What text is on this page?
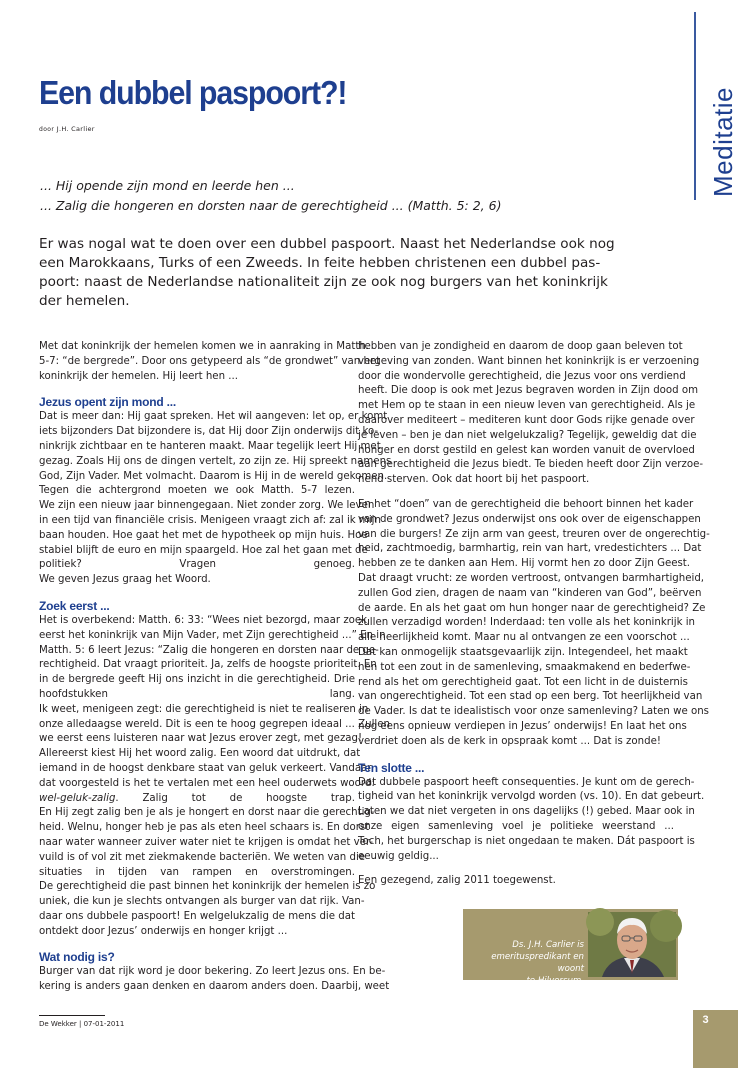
Meditatie
Een dubbel paspoort?!
door J.H. Carlier
... Hij opende zijn mond en leerde hen ...
... Zalig die hongeren en dorsten naar de gerechtigheid ... (Matth. 5: 2, 6)
Er was nogal wat te doen over een dubbel paspoort. Naast het Nederlandse ook nog
een Marokkaans, Turks of een Zweeds. In feite hebben christenen een dubbel pas-
poort: naast de Nederlandse nationaliteit zijn ze ook nog burgers van het koninkrijk
der hemelen.
Met dat koninkrijk der hemelen komen we in aanraking in Matth.
5-7: “de bergrede”. Door ons getypeerd als “de grondwet” van het
koninkrijk der hemelen. Hij leert hen ...
Jezus opent zijn mond ...
Dat is meer dan: Hij gaat spreken. Het wil aangeven: let op, er komt
iets bijzonders Dat bijzondere is, dat Hij door Zijn onderwijs dit ko-
ninkrijk zichtbaar en te hanteren maakt. Maar tegelijk leert Hij met
gezag. Zoals Hij ons de dingen vertelt, zo zijn ze. Hij spreekt namens
God, Zijn Vader. Met volmacht. Daarom is Hij in de wereld gekomen.
Tegen die achtergrond moeten we ook Matth. 5-7 lezen.
We zijn een nieuw jaar binnengegaan. Niet zonder zorg. We leven
in een tijd van financiële crisis. Menigeen vraagt zich af: zal ik mijn
baan houden. Hoe gaat het met de hypotheek op mijn huis. Hoe
stabiel blijft de euro en mijn spaargeld. Hoe zal het gaan met de
politiek? Vragen genoeg.
We geven Jezus graag het Woord.
Zoek eerst ...
Het is overbekend: Matth. 6: 33: “Wees niet bezorgd, maar zoek
eerst het koninkrijk van Mijn Vader, met Zijn gerechtigheid ...” En in
Matth. 5: 6 leert Jezus: “Zalig die hongeren en dorsten naar de ge-
rechtigheid. Dat vraagt prioriteit. Ja, zelfs de hoogste prioriteit. En
in de bergrede geeft Hij ons inzicht in die gerechtigheid. Drie
hoofdstukken lang.
Ik weet, menigeen zegt: die gerechtigheid is niet te realiseren in
onze alledaagse wereld. Dit is een te hoog gegrepen ideaal ... Zullen
we eerst eens luisteren naar wat Jezus erover zegt, met gezag!
Allereerst kiest Hij het woord zalig. Een woord dat uitdrukt, dat
iemand in de hoogst denkbare staat van geluk verkeert. Vandaar
dat voorgesteld is het te vertalen met een heel ouderwets woord:
wel-geluk-zalig. Zalig tot de hoogste trap.
En Hij zegt zalig ben je als je hongert en dorst naar die gerechtig-
heid. Welnu, honger heb je pas als eten heel schaars is. En dorst
naar water wanneer zuiver water niet te krijgen is omdat het ver-
vuild is of vol zit met ziekmakende bacteriën. We weten van die
situaties in tijden van rampen en overstromingen.
De gerechtigheid die past binnen het koninkrijk der hemelen is zo
uniek, die kun je slechts ontvangen als burger van dat rijk. Van-
daar ons dubbele paspoort! En welgelukzalig de mens die dat
ontdekt door Jezus’ onderwijs en honger krijgt ...
Wat nodig is?
Burger van dat rijk word je door bekering. Zo leert Jezus ons. En be-
kering is anders gaan denken en daarom anders doen. Daarbij, weet
hebben van je zondigheid en daarom de doop gaan beleven tot
vergeving van zonden. Want binnen het koninkrijk is er verzoening
door die wondervolle gerechtigheid, die Jezus voor ons verdiend
heeft. Die doop is ook met Jezus begraven worden in Zijn dood om
met Hem op te staan in een nieuw leven van gerechtigheid. Als je
daarover mediteert – mediteren kunt door Gods rijke genade over
je leven – ben je dan niet welgelukzalig? Tegelijk, geweldig dat die
honger en dorst gestild en gelest kan worden vanuit de overvloed
aan gerechtigheid die Jezus biedt. Te bieden heeft door Zijn verzoe-
nend sterven. Ook dat hoort bij het paspoort.
En het “doen” van de gerechtigheid die behoort binnen het kader
van de grondwet? Jezus onderwijst ons ook over de eigenschappen
van die burgers! Ze zijn arm van geest, treuren over de ongerechtig-
heid, zachtmoedig, barmhartig, rein van hart, vredestichters ... Dat
hebben ze te danken aan Hem. Hij vormt hen zo door Zijn Geest.
Dat draagt vrucht: ze worden vertroost, ontvangen barmhartigheid,
zullen God zien, dragen de naam van “kinderen van God”, beërven
de aarde. En als het gaat om hun honger naar de gerechtigheid? Ze
zullen verzadigd worden! Inderdaad: ten volle als het koninkrijk in
alle heerlijkheid komt. Maar nu al ontvangen ze een voorschot ...
Dat kan onmogelijk staatsgevaarlijk zijn. Integendeel, het maakt
hen tot een zout in de samenleving, smaakmakend en bederfwe-
rend als het om gerechtigheid gaat. Tot een licht in de duisternis
van ongerechtigheid. Tot een stad op een berg. Tot heerlijkheid van
de Vader. Is dat te idealistisch voor onze samenleving? Laten we ons
nog eens opnieuw verdiepen in Jezus’ onderwijs! En laat het ons
verdriet doen als de kerk in opspraak komt ... Dat is zonde!
Ten slotte ...
Dat dubbele paspoort heeft consequenties. Je kunt om de gerech-
tigheid van het koninkrijk vervolgd worden (vs. 10). En dat gebeurt.
Laten we dat niet vergeten in ons dagelijks (!) gebed. Maar ook in
onze eigen samenleving voel je politieke weerstand ...
Toch, het burgerschap is niet ongedaan te maken. Dát paspoort is
eeuwig geldig...
Een gezegend, zalig 2011 toegewenst.
Ds. J.H. Carlier is
emerituspredikant en woont
te Hilversum.
De Wekker | 07-01-2011	3
